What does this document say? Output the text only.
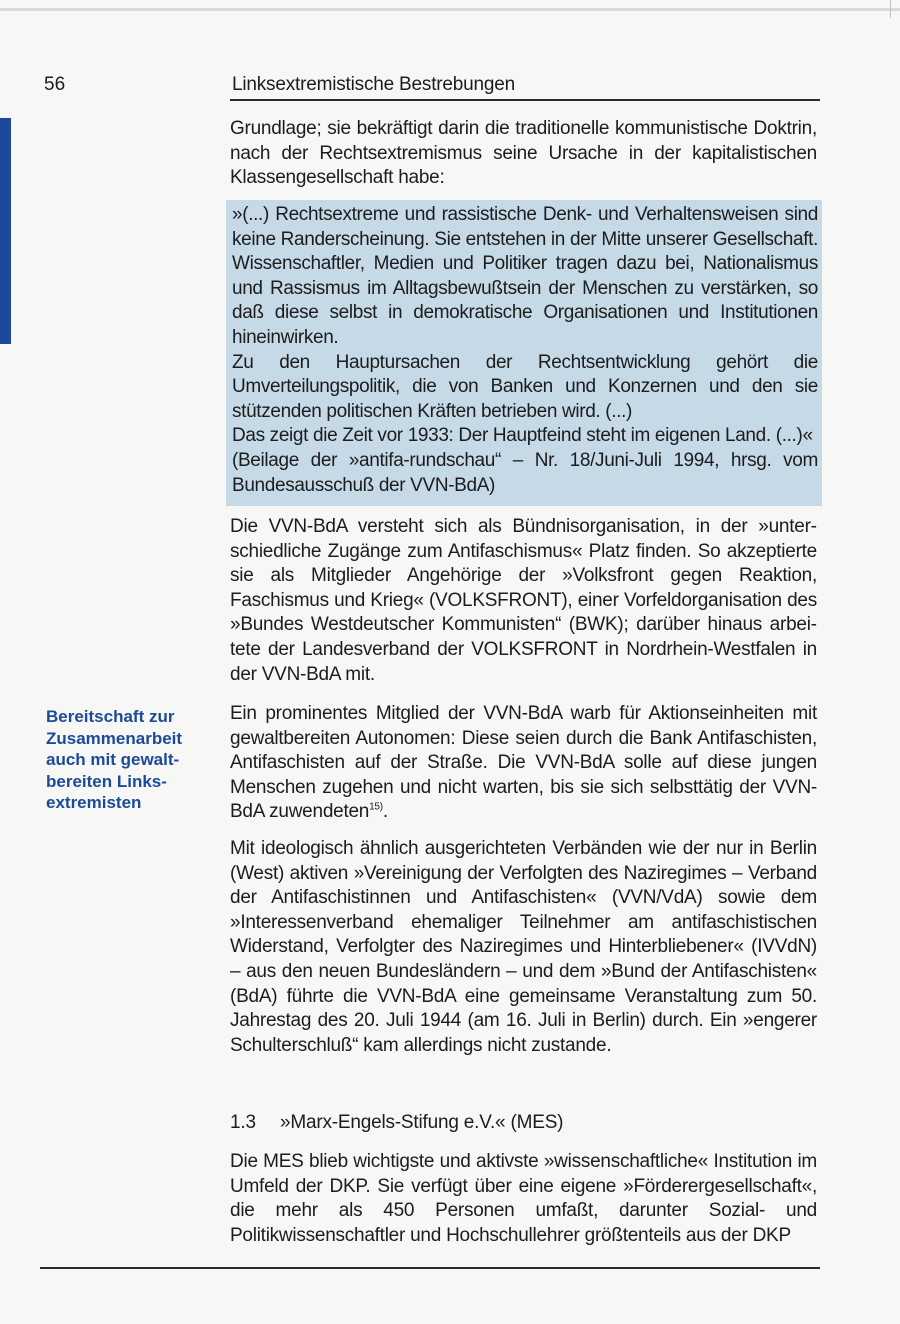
56	Linksextremistische Bestrebungen
Grundlage; sie bekräftigt darin die traditionelle kommunistische Doktrin, nach der Rechtsextremismus seine Ursache in der kapitalistischen Klassengesellschaft habe:

»(...) Rechtsextreme und rassistische Denk- und Verhaltensweisen sind keine Randerscheinung. Sie entstehen in der Mitte unserer Gesellschaft. Wissenschaftler, Medien und Politiker tragen dazu bei, Nationalismus und Rassismus im Alltagsbewußtsein der Menschen zu verstärken, so daß diese selbst in demokratische Organisationen und Institutionen hineinwirken.

Zu den Hauptursachen der Rechtsentwicklung gehört die Umverteilungspolitik, die von Banken und Konzernen und den sie stützenden politischen Kräften betrieben wird. (...)

Das zeigt die Zeit vor 1933: Der Hauptfeind steht im eigenen Land. (...)«

(Beilage der »antifa-rundschau“ – Nr. 18/Juni-Juli 1994, hrsg. vom Bundesausschuß der VVN-BdA)

Die VVN-BdA versteht sich als Bündnisorganisation, in der »unterschiedliche Zugänge zum Antifaschismus« Platz finden. So akzeptierte sie als Mitglieder Angehörige der »Volksfront gegen Reaktion, Faschismus und Krieg« (VOLKSFRONT), einer Vorfeldorganisation des »Bundes Westdeutscher Kommunisten“ (BWK); darüber hinaus arbeitete der Landesverband der VOLKSFRONT in Nordrhein-Westfalen in der VVN-BdA mit.
Bereitschaft zur Zusammenarbeit auch mit gewaltbereiten Linksextremisten
Ein prominentes Mitglied der VVN-BdA warb für Aktionseinheiten mit gewaltbereiten Autonomen: Diese seien durch die Bank Antifaschisten, Antifaschisten auf der Straße. Die VVN-BdA solle auf diese jungen Menschen zugehen und nicht warten, bis sie sich selbsttätig der VVN-BdA zuwendeten$^{15)}$.
Mit ideologisch ähnlich ausgerichteten Verbänden wie der nur in Berlin (West) aktiven »Vereinigung der Verfolgten des Naziregimes – Verband der Antifaschistinnen und Antifaschisten« (VVN/VdA) sowie dem »Interessenverband ehemaliger Teilnehmer am antifaschistischen Widerstand, Verfolgter des Naziregimes und Hinterbliebener« (IVVdN) – aus den neuen Bundesländern – und dem »Bund der Antifaschisten« (BdA) führte die VVN-BdA eine gemeinsame Veranstaltung zum 50. Jahrestag des 20. Juli 1944 (am 16. Juli in Berlin) durch. Ein »engerer Schulterschluß“ kam allerdings nicht zustande.
1.3 »Marx-Engels-Stifung e.V.« (MES)
Die MES blieb wichtigste und aktivste »wissenschaftliche« Institution im Umfeld der DKP. Sie verfügt über eine eigene »Förderergesellschaft«, die mehr als 450 Personen umfaßt, darunter Sozial- und Politikwissenschaftler und Hochschullehrer größtenteils aus der DKP
